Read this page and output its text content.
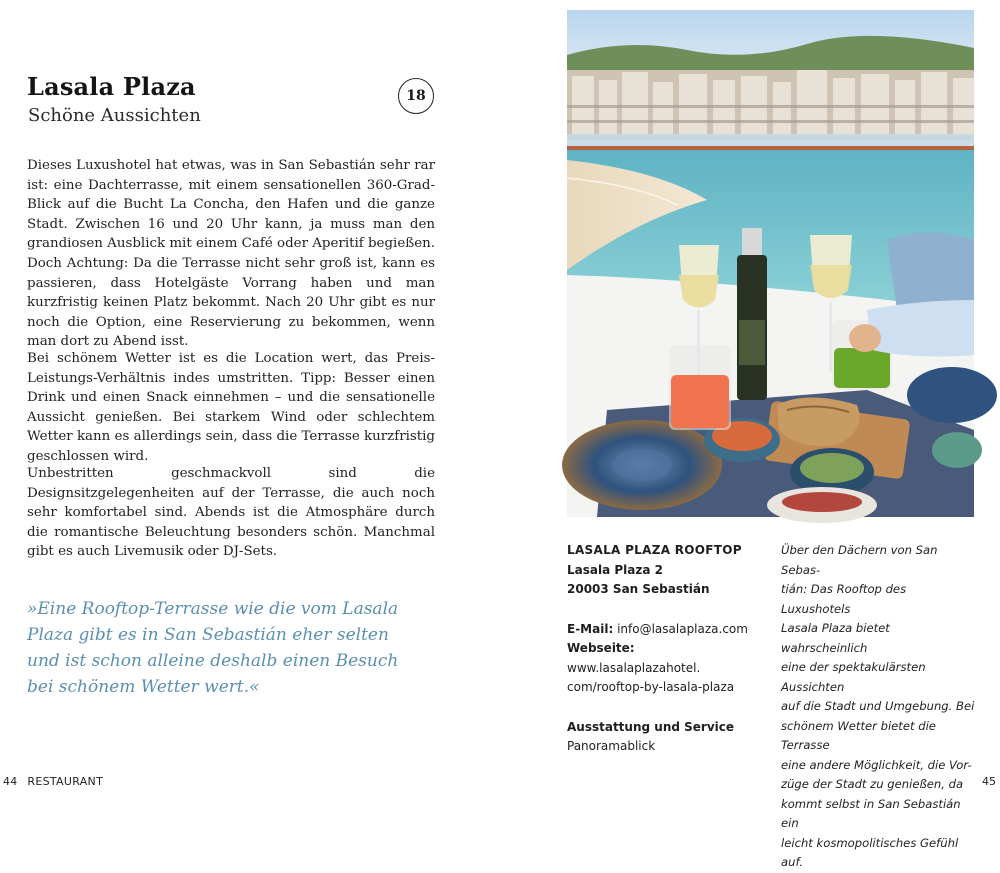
Lasala Plaza
Schöne Aussichten
18

Dieses Luxushotel hat etwas, was in San Sebastián sehr rar ist: eine Dachterrasse, mit einem sensationellen 360-Grad-Blick auf die Bucht La Concha, den Hafen und die ganze Stadt. Zwischen 16 und 20 Uhr kann, ja muss man den grandiosen Ausblick mit einem Café oder Aperitif begießen. Doch Achtung: Da die Terrasse nicht sehr groß ist, kann es passieren, dass Hotelgäste Vorrang haben und man kurzfristig keinen Platz bekommt. Nach 20 Uhr gibt es nur noch die Option, eine Reservierung zu bekommen, wenn man dort zu Abend isst.

Bei schönem Wetter ist es die Location wert, das Preis-Leistungs-Verhältnis indes umstritten. Tipp: Besser einen Drink und einen Snack einnehmen – und die sensationelle Aussicht genießen. Bei starkem Wind oder schlechtem Wetter kann es allerdings sein, dass die Terrasse kurzfristig geschlossen wird.

Unbestritten geschmackvoll sind die Designsitzgelegenheiten auf der Terrasse, die auch noch sehr komfortabel sind. Abends ist die Atmosphäre durch die romantische Beleuchtung besonders schön. Manchmal gibt es auch Livemusik oder DJ-Sets.

»Eine Rooftop-Terrasse wie die vom Lasala Plaza gibt es in San Sebastián eher selten und ist schon alleine deshalb einen Besuch bei schönem Wetter wert.«
44 RESTAURANT
LASALA PLAZA ROOFTOP
Lasala Plaza 2
20003 San Sebastián
E-Mail: info@lasalaplaza.com
Webseite: www.lasalaplazahotel.
com/rooftop-by-lasala-plaza
Ausstattung und Service
Panoramablick
Über den Dächern von San Sebas-
tián: Das Rooftop des Luxushotels
Lasala Plaza bietet wahrscheinlich
eine der spektakulärsten Aussichten
auf die Stadt und Umgebung. Bei
schönem Wetter bietet die Terrasse
eine andere Möglichkeit, die Vor-
züge der Stadt zu genießen, da
kommt selbst in San Sebastián ein
leicht kosmopolitisches Gefühl auf.
45
